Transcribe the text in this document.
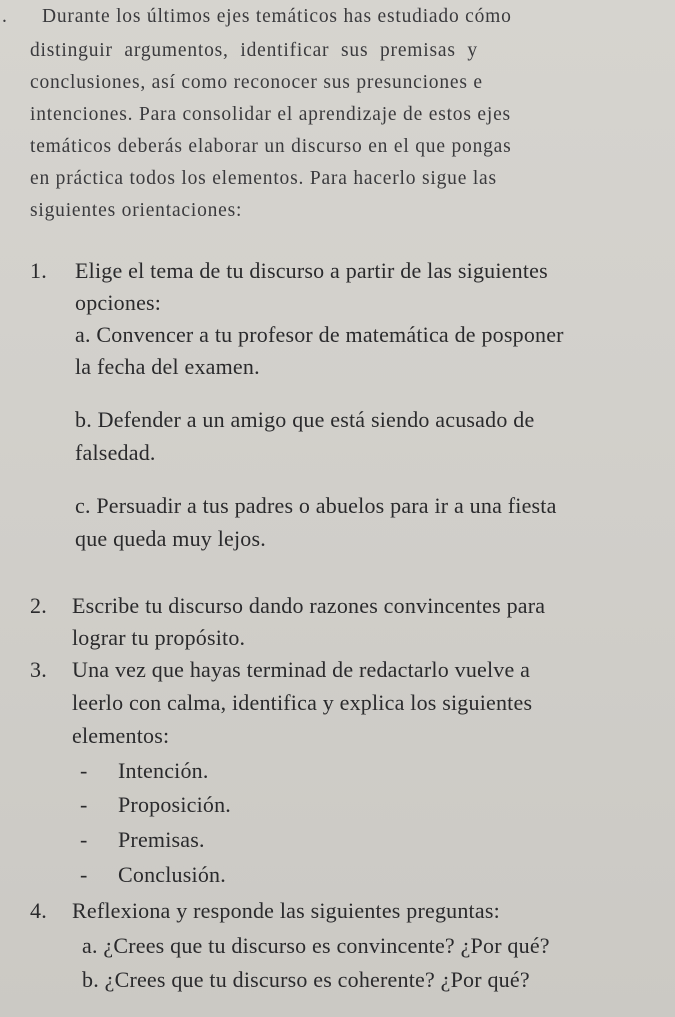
. Durante los últimos ejes temáticos has estudiado cómo
distinguir argumentos, identificar sus premisas y
conclusiones, así como reconocer sus presunciones e
intenciones. Para consolidar el aprendizaje de estos ejes
temáticos deberás elaborar un discurso en el que pongas
en práctica todos los elementos. Para hacerlo sigue las
siguientes orientaciones:
1. Elige el tema de tu discurso a partir de las siguientes
opciones:
a. Convencer a tu profesor de matemática de posponer
la fecha del examen.
b. Defender a un amigo que está siendo acusado de
falsedad.
c. Persuadir a tus padres o abuelos para ir a una fiesta
que queda muy lejos.
2. Escribe tu discurso dando razones convincentes para
lograr tu propósito.
3. Una vez que hayas terminad de redactarlo vuelve a
leerlo con calma, identifica y explica los siguientes
elementos:
- Intención.
- Proposición.
- Premisas.
- Conclusión.
4. Reflexiona y responde las siguientes preguntas:
a. ¿Crees que tu discurso es convincente? ¿Por qué?
b. ¿Crees que tu discurso es coherente? ¿Por qué?
